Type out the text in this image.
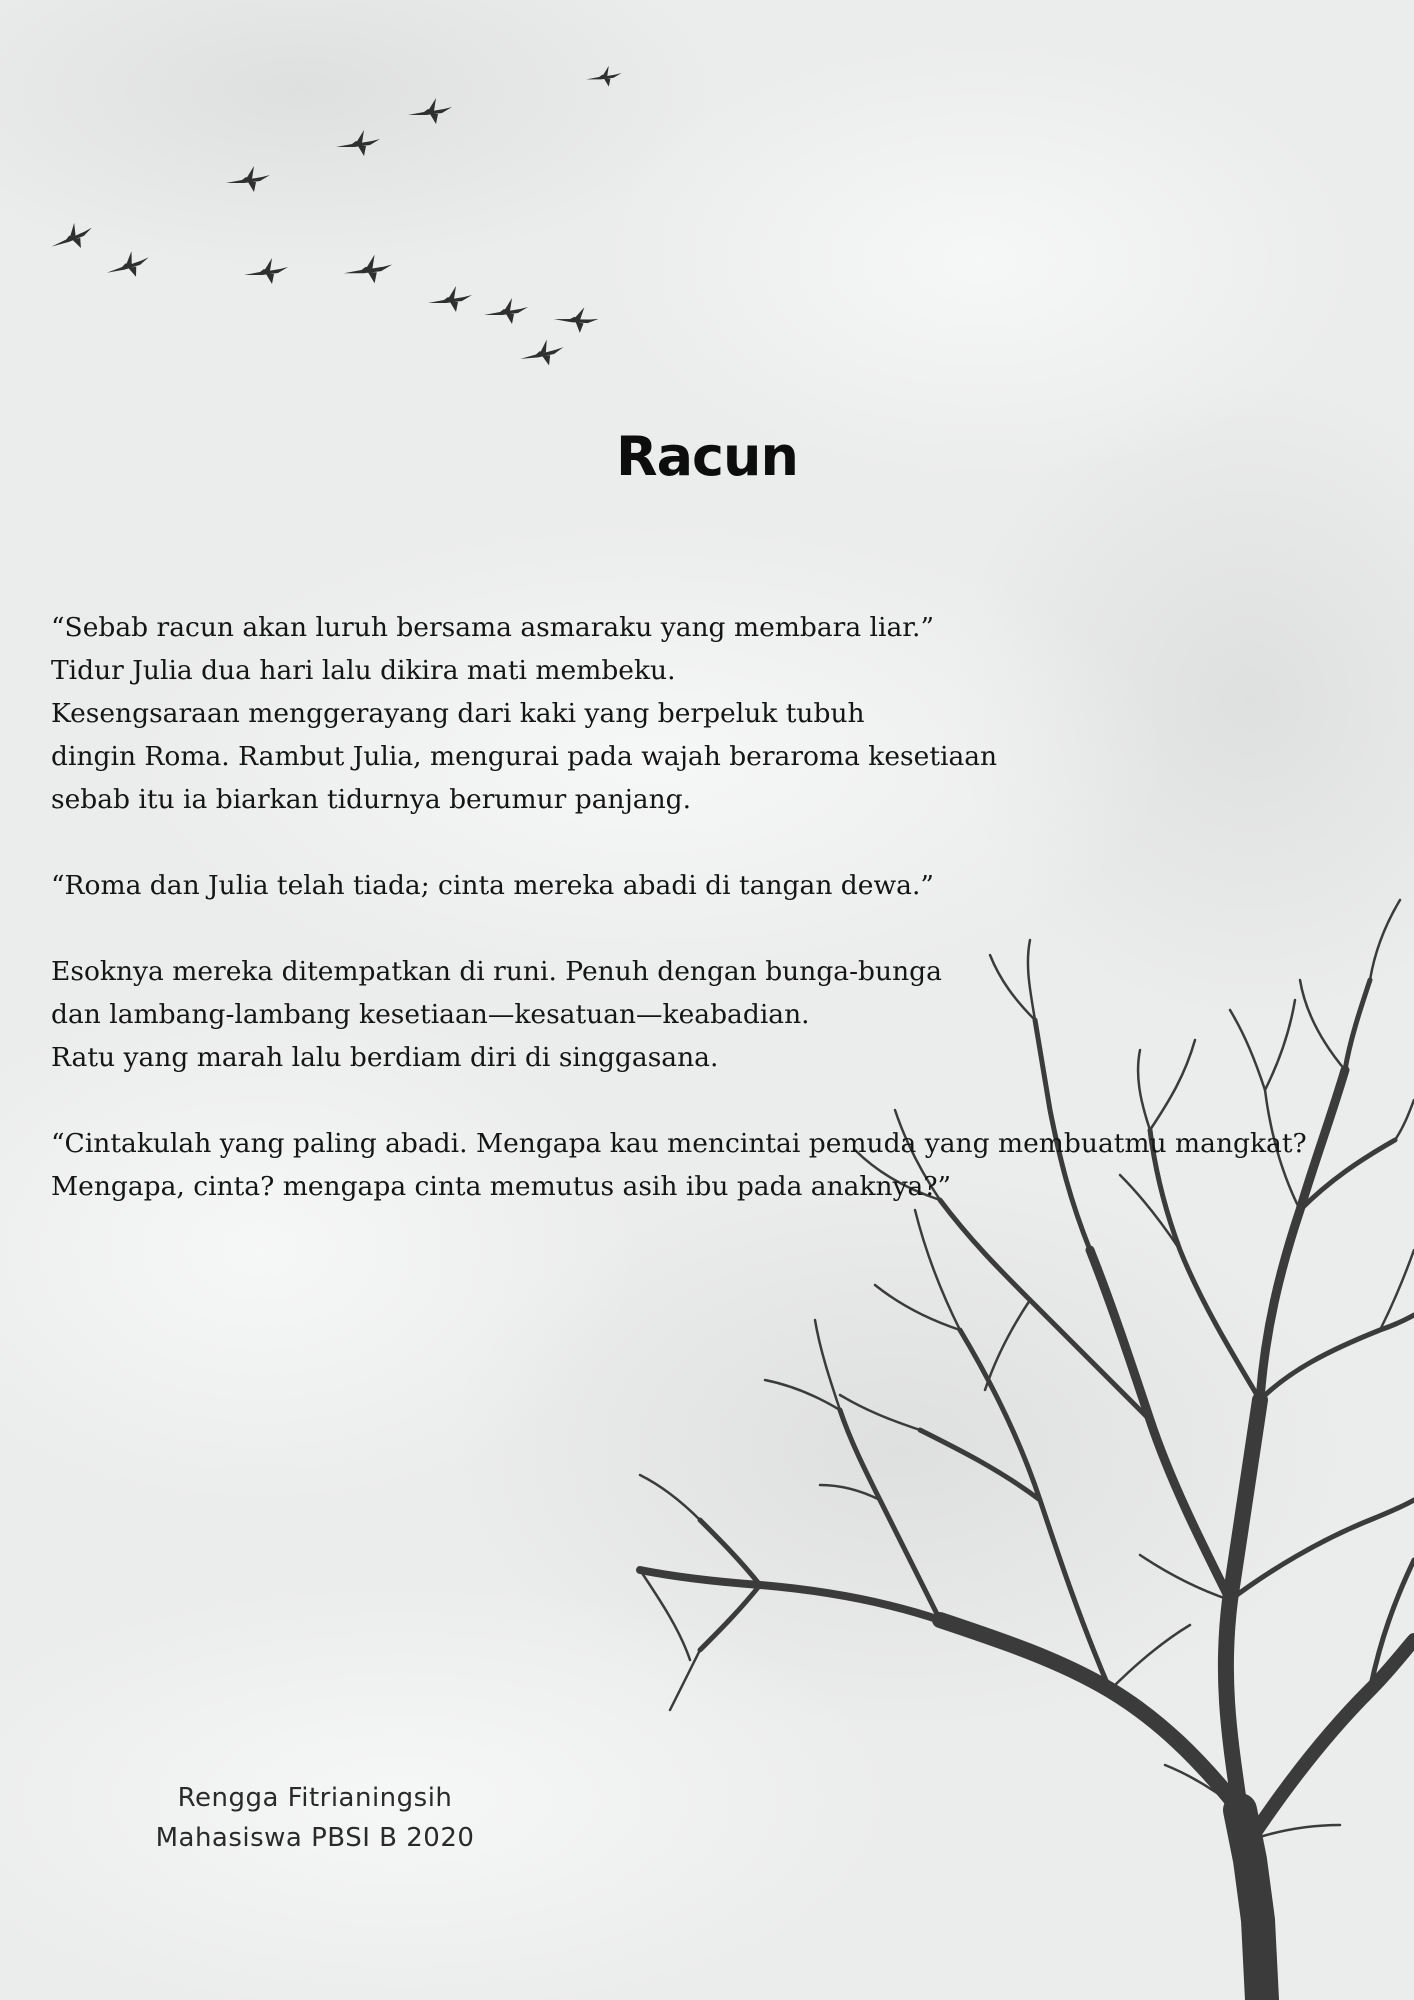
Racun
“Sebab racun akan luruh bersama asmaraku yang membara liar.”
Tidur Julia dua hari lalu dikira mati membeku.
Kesengsaraan menggerayang dari kaki yang berpeluk tubuh
dingin Roma. Rambut Julia, mengurai pada wajah beraroma kesetiaan
sebab itu ia biarkan tidurnya berumur panjang.
“Roma dan Julia telah tiada; cinta mereka abadi di tangan dewa.”
Esoknya mereka ditempatkan di runi. Penuh dengan bunga-bunga
dan lambang-lambang kesetiaan—kesatuan—keabadian.
Ratu yang marah lalu berdiam diri di singgasana.
“Cintakulah yang paling abadi. Mengapa kau mencintai pemuda yang membuatmu mangkat?
Mengapa, cinta? mengapa cinta memutus asih ibu pada anaknya?”
Rengga Fitrianingsih
Mahasiswa PBSI B 2020
